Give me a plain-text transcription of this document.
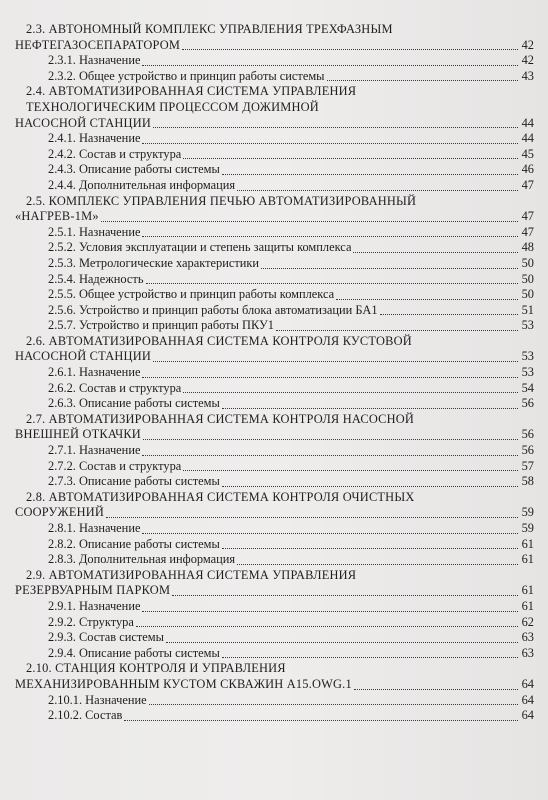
2.3. АВТОНОМНЫЙ КОМПЛЕКС УПРАВЛЕНИЯ ТРЕХФАЗНЫМ
НЕФТЕГАЗОСЕПАРАТОРОМ	42
2.3.1. Назначение	42
2.3.2. Общее устройство и принцип работы системы	43
2.4. АВТОМАТИЗИРОВАННАЯ СИСТЕМА УПРАВЛЕНИЯ
ТЕХНОЛОГИЧЕСКИМ ПРОЦЕССОМ ДОЖИМНОЙ
НАСОСНОЙ СТАНЦИИ	44
2.4.1. Назначение	44
2.4.2. Состав и структура	45
2.4.3. Описание работы системы	46
2.4.4. Дополнительная информация	47
2.5. КОМПЛЕКС УПРАВЛЕНИЯ ПЕЧЬЮ АВТОМАТИЗИРОВАННЫЙ
«НАГРЕВ-1М»	47
2.5.1. Назначение	47
2.5.2. Условия эксплуатации и степень защиты комплекса	48
2.5.3. Метрологические характеристики	50
2.5.4. Надежность	50
2.5.5. Общее устройство и принцип работы комплекса	50
2.5.6. Устройство и принцип работы блока автоматизации БА1	51
2.5.7. Устройство и принцип работы ПКУ1	53
2.6. АВТОМАТИЗИРОВАННАЯ СИСТЕМА КОНТРОЛЯ КУСТОВОЙ
НАСОСНОЙ СТАНЦИИ	53
2.6.1. Назначение	53
2.6.2. Состав и структура	54
2.6.3. Описание работы системы	56
2.7. АВТОМАТИЗИРОВАННАЯ СИСТЕМА КОНТРОЛЯ НАСОСНОЙ
ВНЕШНЕЙ ОТКАЧКИ	56
2.7.1. Назначение	56
2.7.2. Состав и структура	57
2.7.3. Описание работы системы	58
2.8. АВТОМАТИЗИРОВАННАЯ СИСТЕМА КОНТРОЛЯ ОЧИСТНЫХ
СООРУЖЕНИЙ	59
2.8.1. Назначение	59
2.8.2. Описание работы системы	61
2.8.3. Дополнительная информация	61
2.9. АВТОМАТИЗИРОВАННАЯ СИСТЕМА УПРАВЛЕНИЯ
РЕЗЕРВУАРНЫМ ПАРКОМ	61
2.9.1. Назначение	61
2.9.2. Структура	62
2.9.3. Состав системы	63
2.9.4. Описание работы системы	63
2.10. СТАНЦИЯ КОНТРОЛЯ И УПРАВЛЕНИЯ
МЕХАНИЗИРОВАННЫМ КУСТОМ СКВАЖИН А15.OWG.1	64
2.10.1. Назначение	64
2.10.2. Состав	64
